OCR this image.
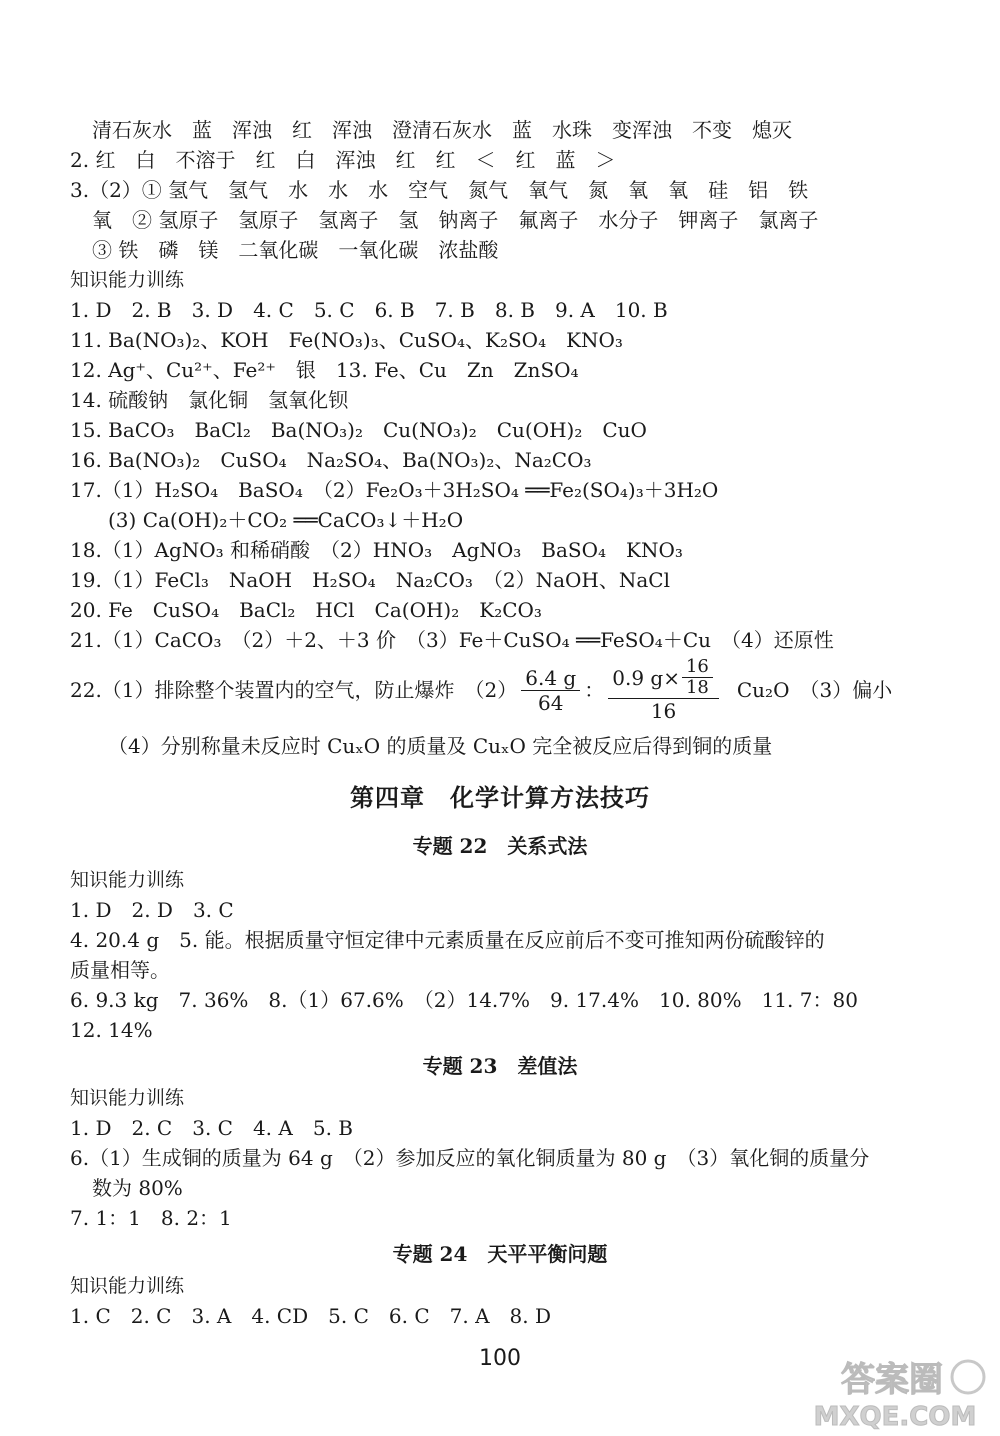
清石灰水　蓝　浑浊　红　浑浊　澄清石灰水　蓝　水珠　变浑浊　不变　熄灭
2. 红　白　不溶于　红　白　浑浊　红　红　＜　红　蓝　＞
3.（2）① 氢气　氢气　水　水　水　空气　氮气　氧气　氮　氧　氧　硅　铝　铁
氧　② 氢原子　氢原子　氢离子　氢　钠离子　氟离子　水分子　钾离子　氯离子
③ 铁　磷　镁　二氧化碳　一氧化碳　浓盐酸
知识能力训练
1. D　2. B　3. D　4. C　5. C　6. B　7. B　8. B　9. A　10. B
11. Ba(NO₃)₂、KOH　Fe(NO₃)₃、CuSO₄、K₂SO₄　KNO₃
12. Ag⁺、Cu²⁺、Fe²⁺　银　13. Fe、Cu　Zn　ZnSO₄
14. 硫酸钠　氯化铜　氢氧化钡
15. BaCO₃　BaCl₂　Ba(NO₃)₂　Cu(NO₃)₂　Cu(OH)₂　CuO
16. Ba(NO₃)₂　CuSO₄　Na₂SO₄、Ba(NO₃)₂、Na₂CO₃
17.（1）H₂SO₄　BaSO₄　（2）Fe₂O₃＋3H₂SO₄ ══Fe₂(SO₄)₃＋3H₂O
(3) Ca(OH)₂＋CO₂ ══CaCO₃↓＋H₂O
18.（1）AgNO₃ 和稀硝酸　（2）HNO₃　AgNO₃　BaSO₄　KNO₃
19.（1）FeCl₃　NaOH　H₂SO₄　Na₂CO₃　（2）NaOH、NaCl
20. Fe　CuSO₄　BaCl₂　HCl　Ca(OH)₂　K₂CO₃
21.（1）CaCO₃　（2）＋2、＋3 价　（3）Fe＋CuSO₄ ══FeSO₄＋Cu　（4）还原性
22.（1）排除整个装置内的空气，防止爆炸　$(2) \frac{6.4 g}{64}$ ： $\frac{0.9 g\times \frac{16}{18}}{16} Cu_2O$　（3）偏小
（4）分别称量未反应时 CuₓO 的质量及 CuₓO 完全被反应后得到铜的质量
第四章　化学计算方法技巧
专题 22　关系式法
知识能力训练
1. D　2. D　3. C
4. 20.4 g　5. 能。根据质量守恒定律中元素质量在反应前后不变可推知两份硫酸锌的
质量相等。
6. 9.3 kg　7. 36%　8.（1）67.6%　（2）14.7%　9. 17.4%　10. 80%　11. 7：80
12. 14%
专题 23　差值法
知识能力训练
1. D　2. C　3. C　4. A　5. B
6.（1）生成铜的质量为 64 g　（2）参加反应的氧化铜质量为 80 g　（3）氧化铜的质量分
数为 80%
7. 1：1　8. 2：1
专题 24　天平平衡问题
知识能力训练
1. C　2. C　3. A　4. CD　5. C　6. C　7. A　8. D
100
答案圈
MXQE.COM
